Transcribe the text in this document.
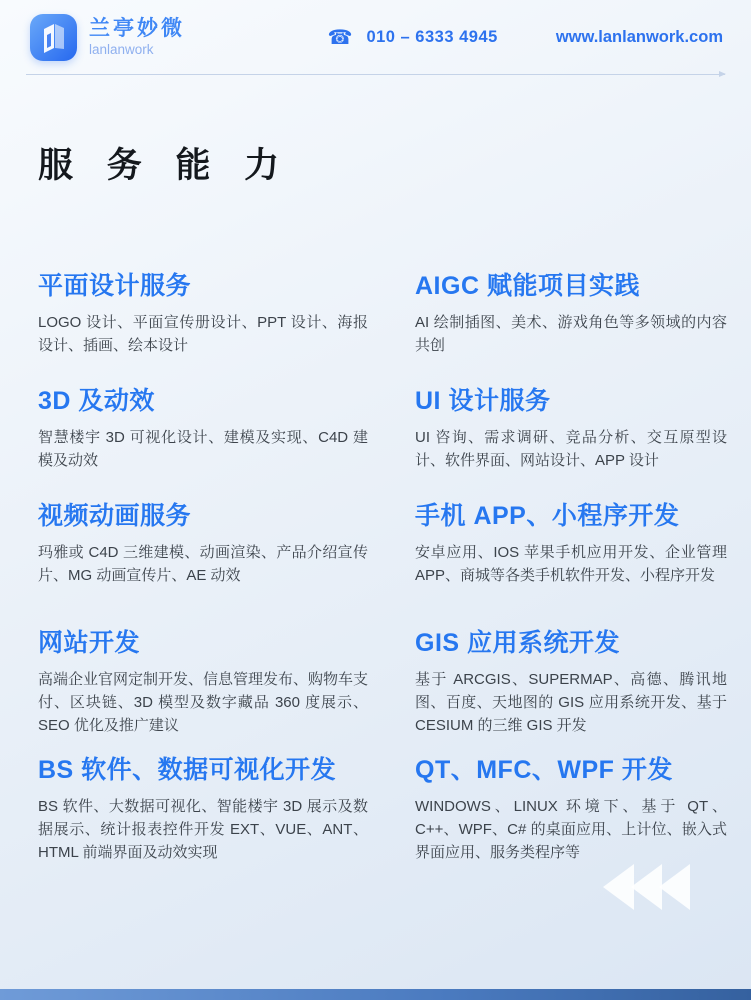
兰亭妙微
lanlanwork
☎ 010 – 6333 4945	www.lanlanwork.com
服 务 能 力
平面设计服务
LOGO 设计、平面宣传册设计、PPT 设计、海报设计、插画、绘本设计
AIGC 赋能项目实践
AI 绘制插图、美术、游戏角色等多领域的内容共创
3D 及动效
智慧楼宇 3D 可视化设计、建模及实现、C4D 建模及动效
UI 设计服务
UI 咨询、需求调研、竞品分析、交互原型设计、软件界面、网站设计、APP 设计
视频动画服务
玛雅或 C4D 三维建模、动画渲染、产品介绍宣传片、MG 动画宣传片、AE 动效
手机 APP、小程序开发
安卓应用、IOS 苹果手机应用开发、企业管理APP、商城等各类手机软件开发、小程序开发
网站开发
高端企业官网定制开发、信息管理发布、购物车支付、区块链、3D 模型及数字藏品 360 度展示、SEO 优化及推广建议
GIS 应用系统开发
基于 ARCGIS、SUPERMAP、高德、腾讯地图、百度、天地图的 GIS 应用系统开发、基于 CESIUM 的三维 GIS 开发
BS 软件、数据可视化开发
BS 软件、大数据可视化、智能楼宇 3D 展示及数据展示、统计报表控件开发 EXT、VUE、ANT、HTML 前端界面及动效实现
QT、MFC、WPF 开发
WINDOWS、LINUX 环境下、基于 QT、C++、WPF、C# 的桌面应用、上计位、嵌入式界面应用、服务类程序等
